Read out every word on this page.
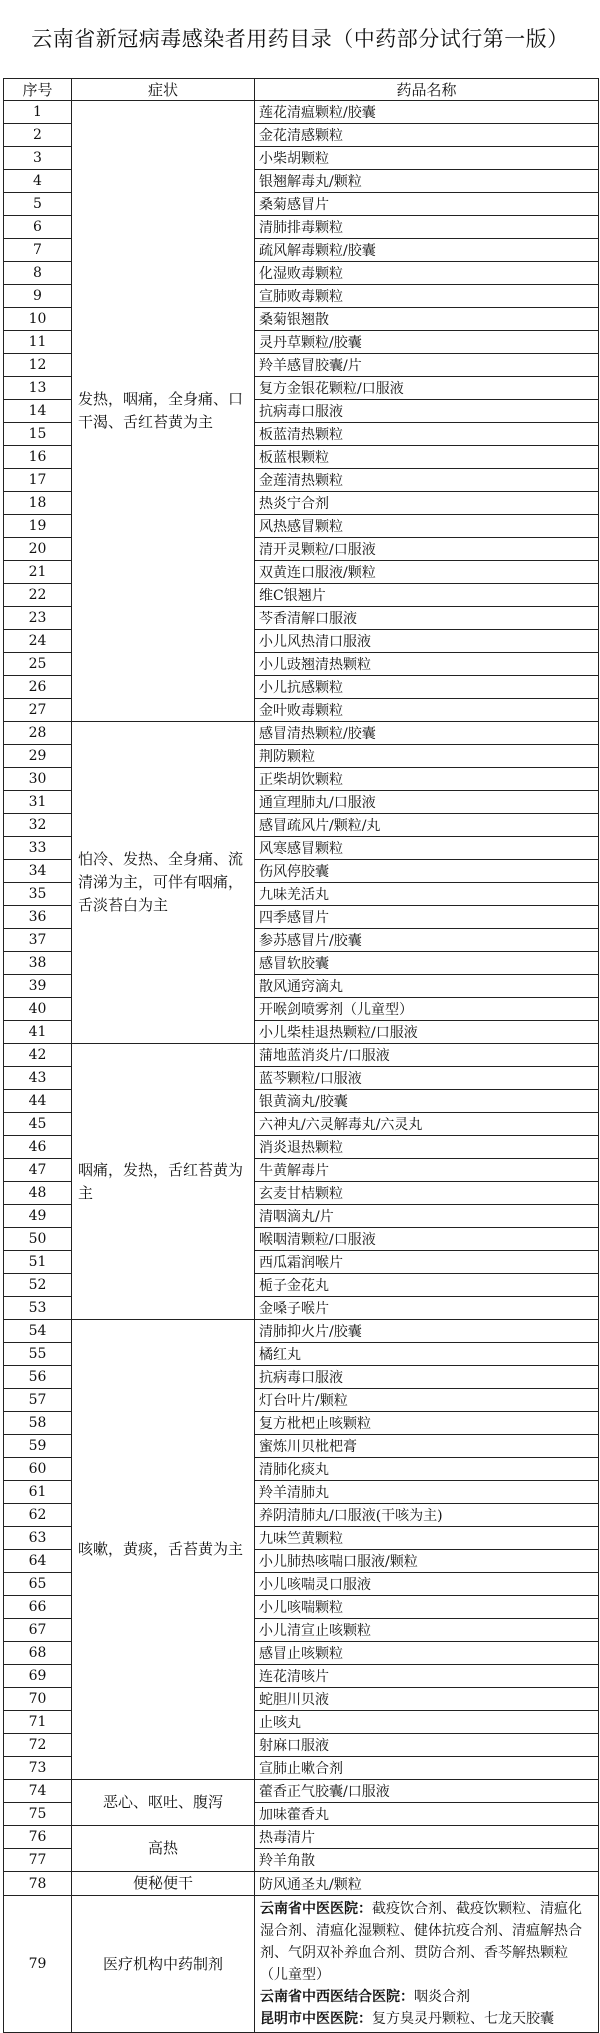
云南省新冠病毒感染者用药目录（中药部分试行第一版）
序号	症状	药品名称
1	发热，咽痛，全身痛、口干渴、舌红苔黄为主	莲花清瘟颗粒/胶囊
2		金花清感颗粒
3		小柴胡颗粒
4		银翘解毒丸/颗粒
5		桑菊感冒片
6		清肺排毒颗粒
7		疏风解毒颗粒/胶囊
8		化湿败毒颗粒
9		宣肺败毒颗粒
10		桑菊银翘散
11		灵丹草颗粒/胶囊
12		羚羊感冒胶囊/片
13		复方金银花颗粒/口服液
14		抗病毒口服液
15		板蓝清热颗粒
16		板蓝根颗粒
17		金莲清热颗粒
18		热炎宁合剂
19		风热感冒颗粒
20		清开灵颗粒/口服液
21		双黄连口服液/颗粒
22		维C银翘片
23		芩香清解口服液
24		小儿风热清口服液
25		小儿豉翘清热颗粒
26		小儿抗感颗粒
27		金叶败毒颗粒
28	怕冷、发热、全身痛、流清涕为主，可伴有咽痛，舌淡苔白为主	感冒清热颗粒/胶囊
29		荆防颗粒
30		正柴胡饮颗粒
31		通宣理肺丸/口服液
32		感冒疏风片/颗粒/丸
33		风寒感冒颗粒
34		伤风停胶囊
35		九味羌活丸
36		四季感冒片
37		参苏感冒片/胶囊
38		感冒软胶囊
39		散风通窍滴丸
40		开喉剑喷雾剂（儿童型）
41		小儿柴桂退热颗粒/口服液
42	咽痛，发热，舌红苔黄为主	蒲地蓝消炎片/口服液
43		蓝芩颗粒/口服液
44		银黄滴丸/胶囊
45		六神丸/六灵解毒丸/六灵丸
46		消炎退热颗粒
47		牛黄解毒片
48		玄麦甘桔颗粒
49		清咽滴丸/片
50		喉咽清颗粒/口服液
51		西瓜霜润喉片
52		栀子金花丸
53		金嗓子喉片
54	咳嗽，黄痰，舌苔黄为主	清肺抑火片/胶囊
55		橘红丸
56		抗病毒口服液
57		灯台叶片/颗粒
58		复方枇杷止咳颗粒
59		蜜炼川贝枇杷膏
60		清肺化痰丸
61		羚羊清肺丸
62		养阴清肺丸/口服液(干咳为主)
63		九味竺黄颗粒
64		小儿肺热咳喘口服液/颗粒
65		小儿咳喘灵口服液
66		小儿咳喘颗粒
67		小儿清宣止咳颗粒
68		感冒止咳颗粒
69		连花清咳片
70		蛇胆川贝液
71		止咳丸
72		射麻口服液
73		宣肺止嗽合剂
74	恶心、呕吐、腹泻	藿香正气胶囊/口服液
75		加味藿香丸
76	高热	热毒清片
77		羚羊角散
78	便秘便干	防风通圣丸/颗粒
79	医疗机构中药制剂	云南省中医医院：截疫饮合剂、截疫饮颗粒、清瘟化湿合剂、清瘟化湿颗粒、健体抗疫合剂、清瘟解热合剂、气阴双补养血合剂、贯防合剂、香芩解热颗粒（儿童型）
云南省中西医结合医院：咽炎合剂
昆明市中医医院：复方臭灵丹颗粒、七龙天胶囊
